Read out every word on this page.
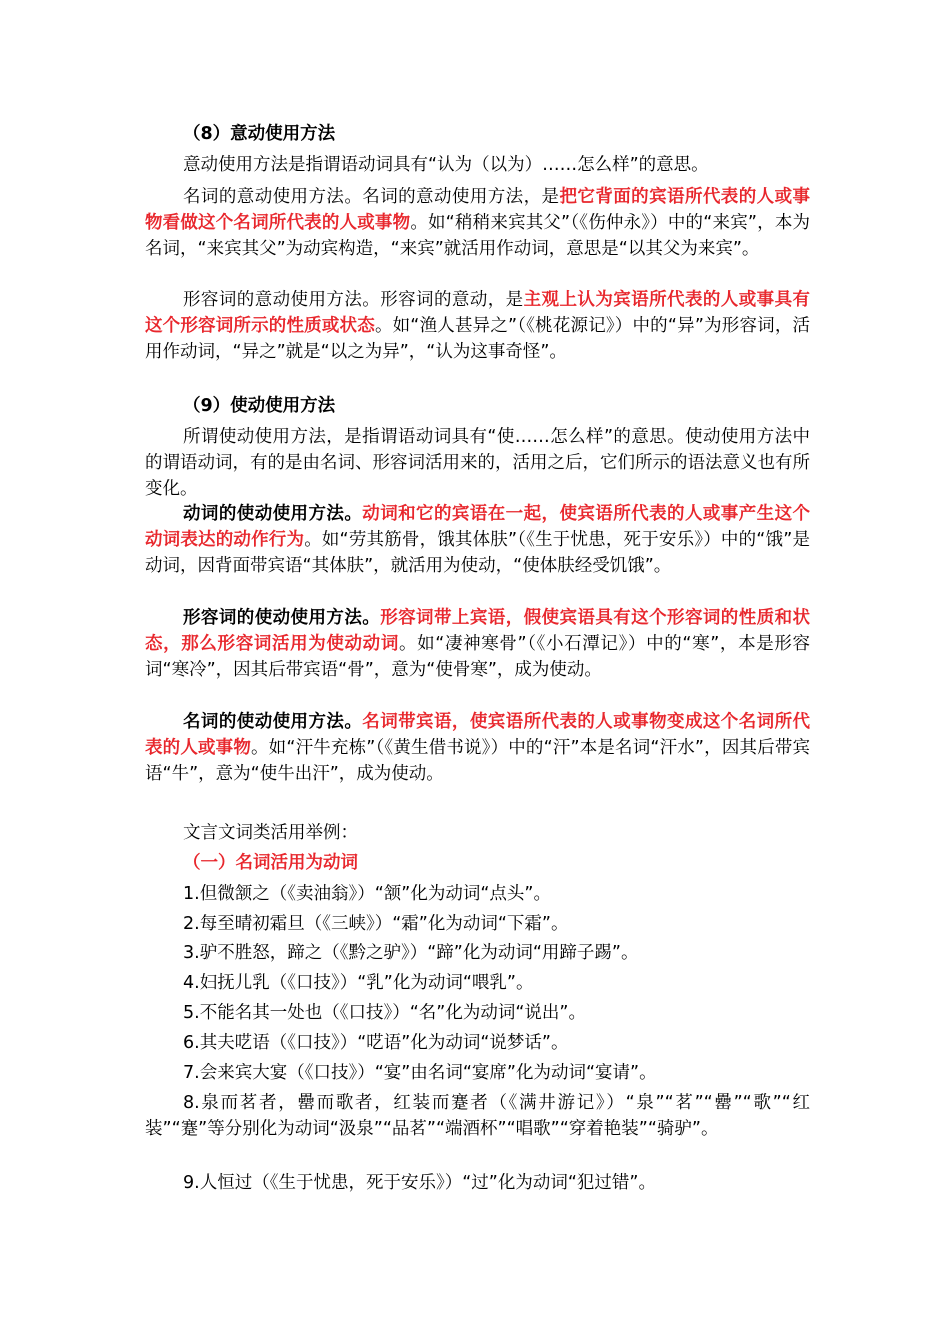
（8）意动使用方法
意动使用方法是指谓语动词具有“认为（以为）……怎么样”的意思。
名词的意动使用方法。名词的意动使用方法，是把它背面的宾语所代表的人或事物看做这个名词所代表的人或事物。如“稍稍来宾其父”（《伤仲永》）中的“来宾”，本为名词，“来宾其父”为动宾构造，“来宾”就活用作动词，意思是“以其父为来宾”。
形容词的意动使用方法。形容词的意动，是主观上认为宾语所代表的人或事具有这个形容词所示的性质或状态。如“渔人甚异之”（《桃花源记》）中的“异”为形容词，活用作动词，“异之”就是“以之为异”，“认为这事奇怪”。
（9）使动使用方法
所谓使动使用方法，是指谓语动词具有“使……怎么样”的意思。使动使用方法中的谓语动词，有的是由名词、形容词活用来的，活用之后，它们所示的语法意义也有所变化。
动词的使动使用方法。动词和它的宾语在一起，使宾语所代表的人或事产生这个动词表达的动作行为。如“劳其筋骨，饿其体肤”（《生于忧患，死于安乐》）中的“饿”是动词，因背面带宾语“其体肤”，就活用为使动，“使体肤经受饥饿”。
形容词的使动使用方法。形容词带上宾语，假使宾语具有这个形容词的性质和状态，那么形容词活用为使动动词。如“凄神寒骨”（《小石潭记》）中的“寒”，本是形容词“寒冷”，因其后带宾语“骨”，意为“使骨寒”，成为使动。
名词的使动使用方法。名词带宾语，使宾语所代表的人或事物变成这个名词所代表的人或事物。如“汗牛充栋”（《黄生借书说》）中的“汗”本是名词“汗水”，因其后带宾语“牛”，意为“使牛出汗”，成为使动。
文言文词类活用举例：
（一）名词活用为动词
1.但微颔之（《卖油翁》）“颔”化为动词“点头”。
2.每至晴初霜旦（《三峡》）“霜”化为动词“下霜”。
3.驴不胜怒，蹄之（《黔之驴》）“蹄”化为动词“用蹄子踢”。
4.妇抚儿乳（《口技》）“乳”化为动词“喂乳”。
5.不能名其一处也（《口技》）“名”化为动词“说出”。
6.其夫呓语（《口技》）“呓语”化为动词“说梦话”。
7.会来宾大宴（《口技》）“宴”由名词“宴席”化为动词“宴请”。
8.泉而茗者，罍而歌者，红装而蹇者（《满井游记》）“泉”“茗”“罍”“歌”“红装”“蹇”等分别化为动词“汲泉”“品茗”“端酒杯”“唱歌”“穿着艳装”“骑驴”。
9.人恒过（《生于忧患，死于安乐》）“过”化为动词“犯过错”。
